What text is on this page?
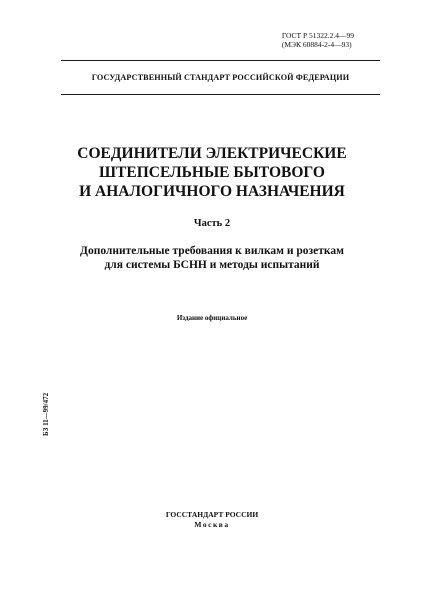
ГОСТ Р 51322.2.4—99
(МЭК 60884-2-4—93)
ГОСУДАРСТВЕННЫЙ СТАНДАРТ РОССИЙСКОЙ ФЕДЕРАЦИИ
СОЕДИНИТЕЛИ ЭЛЕКТРИЧЕСКИЕ
ШТЕПСЕЛЬНЫЕ БЫТОВОГО
И АНАЛОГИЧНОГО НАЗНАЧЕНИЯ
Часть 2
Дополнительные требования к вилкам и розеткам
для системы БСНН и методы испытаний
Издание официальное
БЗ 11—99/472
ГОССТАНДАРТ РОССИИ
Москва
